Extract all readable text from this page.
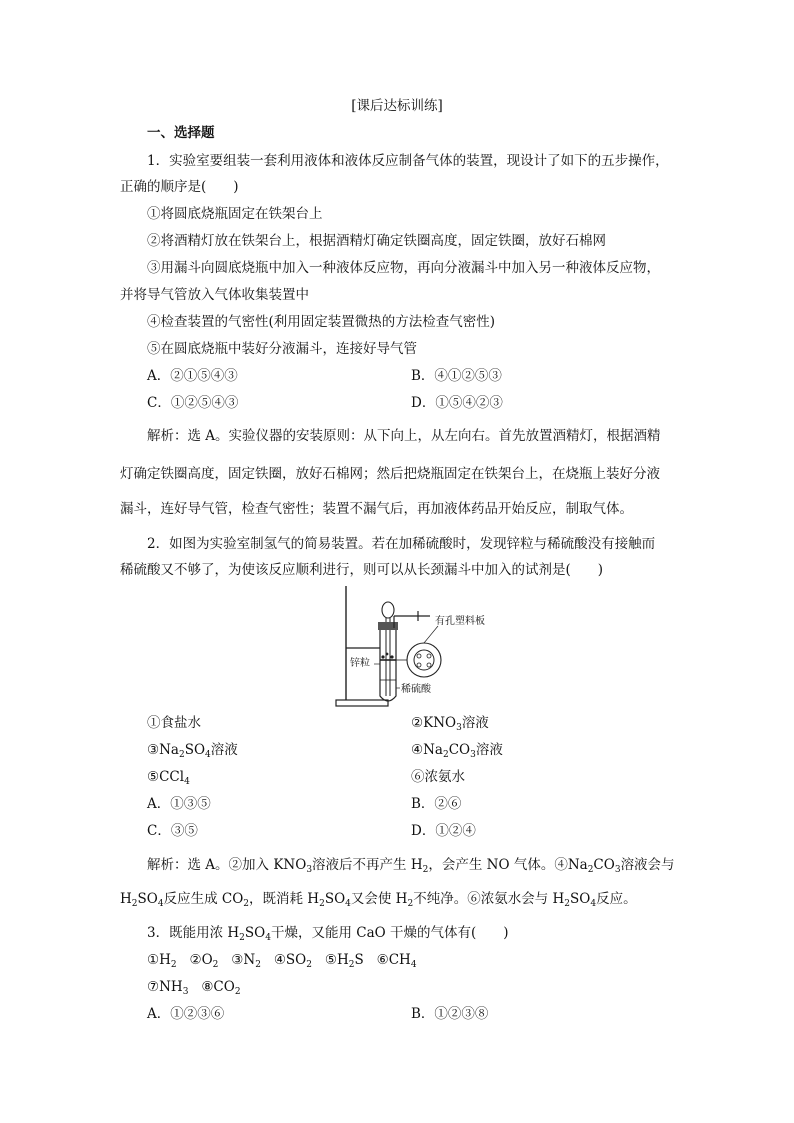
[课后达标训练]
一、选择题
1．实验室要组装一套利用液体和液体反应制备气体的装置，现设计了如下的五步操作，
正确的顺序是(　　)
①将圆底烧瓶固定在铁架台上
②将酒精灯放在铁架台上，根据酒精灯确定铁圈高度，固定铁圈，放好石棉网
③用漏斗向圆底烧瓶中加入一种液体反应物，再向分液漏斗中加入另一种液体反应物，
并将导气管放入气体收集装置中
④检查装置的气密性(利用固定装置微热的方法检查气密性)
⑤在圆底烧瓶中装好分液漏斗，连接好导气管
A．②①⑤④③	B．④①②⑤③
C．①②⑤④③	D．①⑤④②③
解析：选 A。实验仪器的安装原则：从下向上，从左向右。首先放置酒精灯，根据酒精
灯确定铁圈高度，固定铁圈，放好石棉网；然后把烧瓶固定在铁架台上，在烧瓶上装好分液
漏斗，连好导气管，检查气密性；装置不漏气后，再加液体药品开始反应，制取气体。
2．如图为实验室制氢气的简易装置。若在加稀硫酸时，发现锌粒与稀硫酸没有接触而
稀硫酸又不够了，为使该反应顺利进行，则可以从长颈漏斗中加入的试剂是(　　)
有孔塑料板
锌粒
稀硫酸
①食盐水	$②KNO_3$溶液
$③Na_2SO_4$溶液	$④Na_2CO_3$溶液
⑤CCl$_4$	⑥浓氨水
A．①③⑤	B．②⑥
C．③⑤	D．①②④
解析：选 A。②加入 $KNO_3$溶液后不再产生 $H_2$，会产生 NO 气体。$④Na_2CO_3$溶液会与
$H_2SO_4$反应生成 $CO_2$，既消耗 $H_2SO_4$又会使 $H_2$不纯净。⑥浓氨水会与 $H_2SO_4$反应。
3．既能用浓 $H_2SO_4$干燥，又能用 CaO 干燥的气体有(　　)
$①H_2$ $②O_2$ $③N_2$ $④SO_2$ $⑤H_2S$ $⑥CH_4$
$⑦NH_3$ $⑧CO_2$
A．①②③⑥	B．①②③⑧
